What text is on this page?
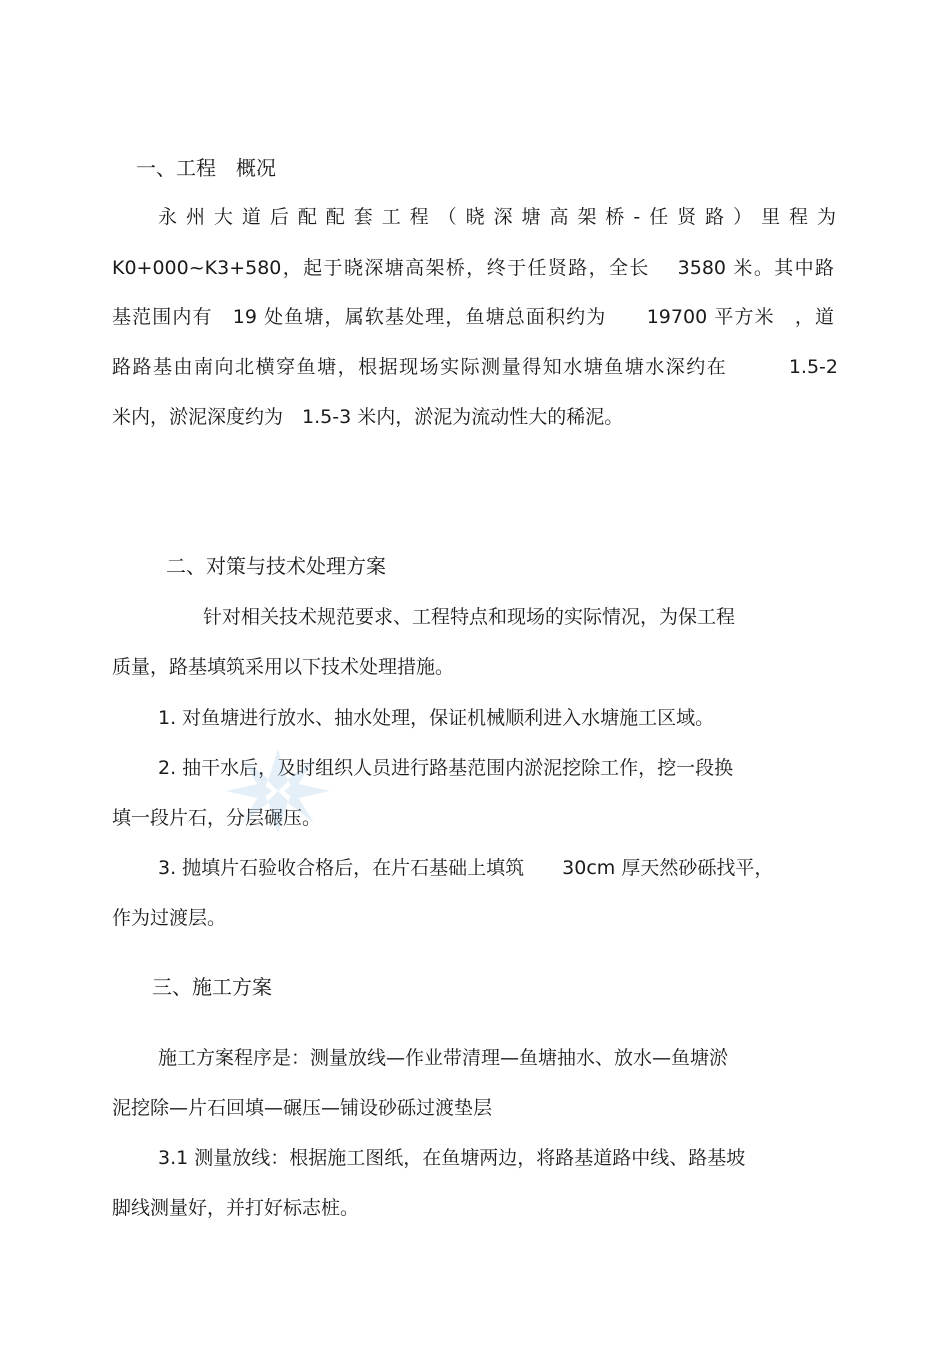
一、工程　概况
永州大道后配配套工程（晓深塘高架桥-任贤路）里程为
K0+000~K3+580，起于晓深塘高架桥，终于任贤路，全长　 3580 米。其中路
基范围内有　19 处鱼塘，属软基处理，鱼塘总面积约为　　19700 平方米　，道
路路基由南向北横穿鱼塘，根据现场实际测量得知水塘鱼塘水深约在　　　1.5-2
米内，淤泥深度约为　1.5-3 米内，淤泥为流动性大的稀泥。
二、对策与技术处理方案
针对相关技术规范要求、工程特点和现场的实际情况，为保工程
质量，路基填筑采用以下技术处理措施。
1. 对鱼塘进行放水、抽水处理，保证机械顺利进入水塘施工区域。
2. 抽干水后，及时组织人员进行路基范围内淤泥挖除工作，挖一段换
填一段片石，分层碾压。
3. 抛填片石验收合格后，在片石基础上填筑　　30cm 厚天然砂砾找平，
作为过渡层。
三、施工方案
施工方案程序是：测量放线—作业带清理—鱼塘抽水、放水—鱼塘淤
泥挖除—片石回填—碾压—铺设砂砾过渡垫层
3.1 测量放线：根据施工图纸，在鱼塘两边，将路基道路中线、路基坡
脚线测量好，并打好标志桩。
